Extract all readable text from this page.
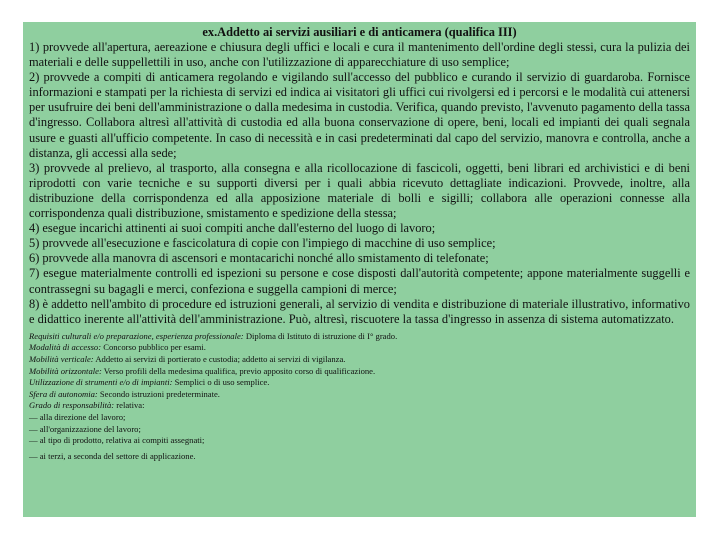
ex.Addetto ai servizi ausiliari e di anticamera (qualifica III)

1) provvede all'apertura, aereazione e chiusura degli uffici e locali e cura il mantenimento dell'ordine degli stessi, cura la pulizia dei materiali e delle suppellettili in uso, anche con l'utilizzazione di apparecchiature di uso semplice;

2) provvede a compiti di anticamera regolando e vigilando sull'accesso del pubblico e curando il servizio di guardaroba. Fornisce informazioni e stampati per la richiesta di servizi ed indica ai visitatori gli uffici cui rivolgersi ed i percorsi e le modalità cui attenersi per usufruire dei beni dell'amministrazione o dalla medesima in custodia. Verifica, quando previsto, l'avvenuto pagamento della tassa d'ingresso. Collabora altresì all'attività di custodia ed alla buona conservazione di opere, beni, locali ed impianti dei quali segnala usure e guasti all'ufficio competente. In caso di necessità e in casi predeterminati dal capo del servizio, manovra e controlla, anche a distanza, gli accessi alla sede;

3) provvede al prelievo, al trasporto, alla consegna e alla ricollocazione di fascicoli, oggetti, beni librari ed archivistici e di beni riprodotti con varie tecniche e su supporti diversi per i quali abbia ricevuto dettagliate indicazioni. Provvede, inoltre, alla distribuzione della corrispondenza ed alla apposizione materiale di bolli e sigilli; collabora alle operazioni connesse alla corrispondenza quali distribuzione, smistamento e spedizione della stessa;

4) esegue incarichi attinenti ai suoi compiti anche dall'esterno del luogo di lavoro;

5) provvede all'esecuzione e fascicolatura di copie con l'impiego di macchine di uso semplice;

6) provvede alla manovra di ascensori e montacarichi nonché allo smistamento di telefonate;

7) esegue materialmente controlli ed ispezioni su persone e cose disposti dall'autorità competente; appone materialmente suggelli e contrassegni su bagagli e merci, confeziona e suggella campioni di merce;

8) è addetto nell'ambito di procedure ed istruzioni generali, al servizio di vendita e distribuzione di materiale illustrativo, informativo e didattico inerente all'attività dell'amministrazione. Può, altresì, riscuotere la tassa d'ingresso in assenza di sistema automatizzato.

Requisiti culturali e/o preparazione, esperienza professionale: Diploma di Istituto di istruzione di I° grado.

Modalità di accesso: Concorso pubblico per esami.

Mobilità verticale: Addetto ai servizi di portierato e custodia; addetto ai servizi di vigilanza.

Mobilità orizzontale: Verso profili della medesima qualifica, previo apposito corso di qualificazione.

Utilizzazione di strumenti e/o di impianti: Semplici o di uso semplice.

Sfera di autonomia: Secondo istruzioni predeterminate.

Grado di responsabilità: relativa:

— alla direzione del lavoro;

— all'organizzazione del lavoro;

— al tipo di prodotto, relativa ai compiti assegnati;

— ai terzi, a seconda del settore di applicazione.
